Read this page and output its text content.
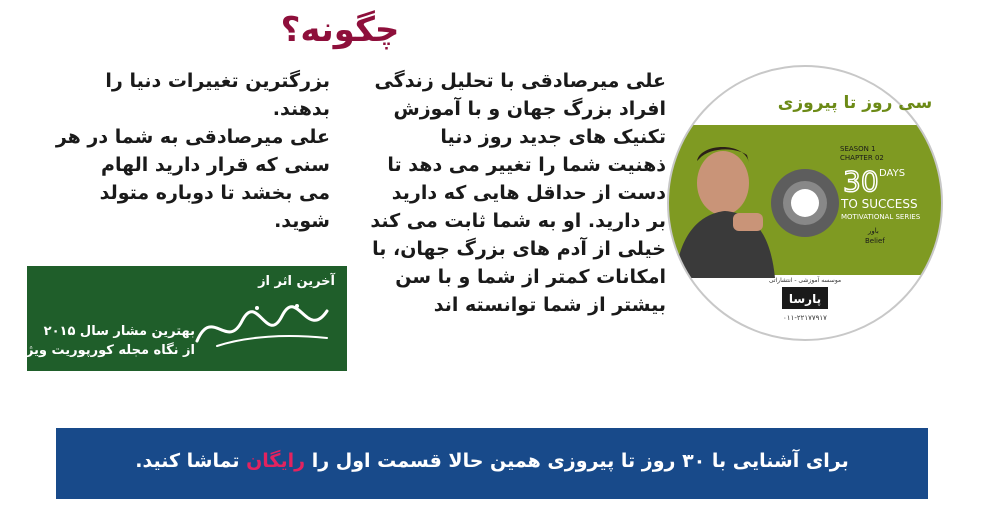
چگونه؟
علی میرصادقی با تحلیل زندگی
افراد بزرگ جهان و با آموزش
تکنیک های جدید روز دنیا
ذهنیت شما را تغییر می دهد تا
دست از حداقل هایی که دارید
بر دارید. او به شما ثابت می کند
خیلی از آدم های بزرگ جهان، با
امکانات کمتر از شما و با سن
بیشتر از شما توانسته اند
بزرگترین تغییرات دنیا را
بدهند.
علی میرصادقی به شما در هر
سنی که قرار دارید الهام
می بخشد تا دوباره متولد
شوید.
آخرین اثر از
بهترین مشار سال ۲۰۱۵
از نگاه مجله کورپوریت ویژن
سی روز تا پیروزی
SEASON 1
CHAPTER 02
30 DAYS
TO SUCCESS
MOTIVATIONAL SERIES
باور
Belief
موسسه آموزشی - انتشاراتی
پارسا
۰۱۱-۲۲۱۷۷۹۱۷
برای آشنایی با ۳۰ روز تا پیروزی همین حالا قسمت اول را رایگان تماشا کنید.
